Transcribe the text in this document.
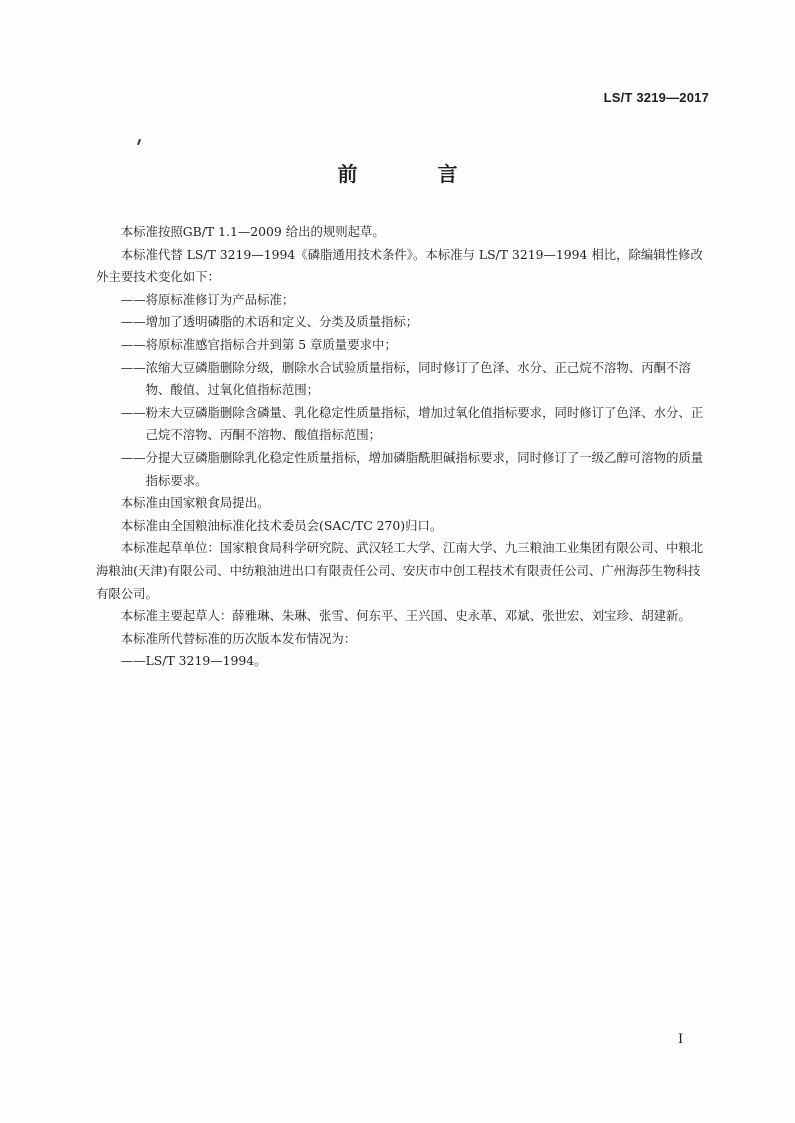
LS/T 3219—2017
前　言

本标准按照GB/T 1.1—2009 给出的规则起草。

本标准代替 LS/T 3219—1994《磷脂通用技术条件》。本标准与 LS/T 3219—1994 相比，除编辑性修改外主要技术变化如下：

——将原标准修订为产品标准；

——增加了透明磷脂的术语和定义、分类及质量指标；

——将原标准感官指标合并到第 5 章质量要求中；

——浓缩大豆磷脂删除分级，删除水合试验质量指标，同时修订了色泽、水分、正己烷不溶物、丙酮不溶物、酸值、过氧化值指标范围；

——粉末大豆磷脂删除含磷量、乳化稳定性质量指标，增加过氧化值指标要求，同时修订了色泽、水分、正己烷不溶物、丙酮不溶物、酸值指标范围；

——分提大豆磷脂删除乳化稳定性质量指标，增加磷脂酰胆碱指标要求，同时修订了一级乙醇可溶物的质量指标要求。

本标准由国家粮食局提出。

本标准由全国粮油标准化技术委员会(SAC/TC 270)归口。

本标准起草单位：国家粮食局科学研究院、武汉轻工大学、江南大学、九三粮油工业集团有限公司、中粮北海粮油(天津)有限公司、中纺粮油进出口有限责任公司、安庆市中创工程技术有限责任公司、广州海莎生物科技有限公司。

本标准主要起草人：薛雅琳、朱琳、张雪、何东平、王兴国、史永革、邓斌、张世宏、刘宝珍、胡建新。

本标准所代替标准的历次版本发布情况为：

——LS/T 3219—1994。

I
